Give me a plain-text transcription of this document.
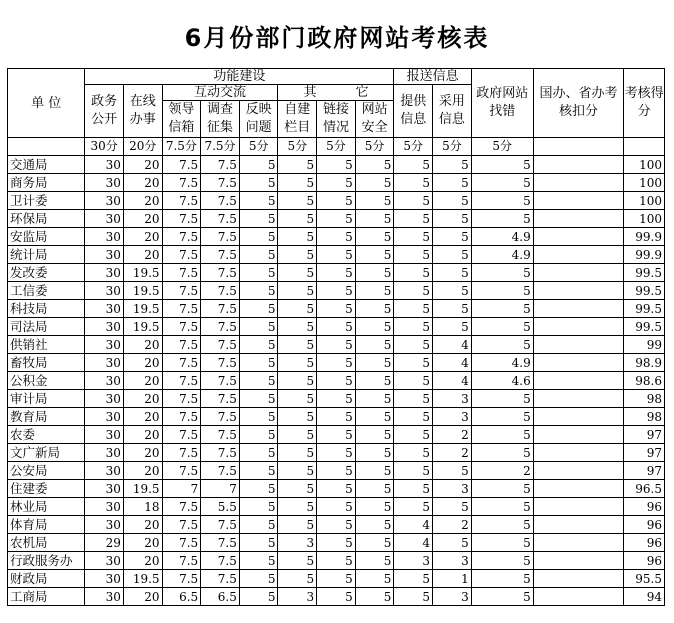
6月份部门政府网站考核表
单 位	功能建设								报送信息		政府网站找错	国办、省办考核扣分	考核得分
	政务公开	在线办事	互动交流			其　　　它			提供信息	采用信息			
			领导信箱	调查征集	反映问题	自建栏目	链接情况	网站安全					
	30分	20分	7.5分	7.5分	5分	5分	5分	5分	5分	5分	5分		
交通局	30	20	7.5	7.5	5	5	5	5	5	5	5		100
商务局	30	20	7.5	7.5	5	5	5	5	5	5	5		100
卫计委	30	20	7.5	7.5	5	5	5	5	5	5	5		100
环保局	30	20	7.5	7.5	5	5	5	5	5	5	5		100
安监局	30	20	7.5	7.5	5	5	5	5	5	5	4.9		99.9
统计局	30	20	7.5	7.5	5	5	5	5	5	5	4.9		99.9
发改委	30	19.5	7.5	7.5	5	5	5	5	5	5	5		99.5
工信委	30	19.5	7.5	7.5	5	5	5	5	5	5	5		99.5
科技局	30	19.5	7.5	7.5	5	5	5	5	5	5	5		99.5
司法局	30	19.5	7.5	7.5	5	5	5	5	5	5	5		99.5
供销社	30	20	7.5	7.5	5	5	5	5	5	4	5		99
畜牧局	30	20	7.5	7.5	5	5	5	5	5	4	4.9		98.9
公积金	30	20	7.5	7.5	5	5	5	5	5	4	4.6		98.6
审计局	30	20	7.5	7.5	5	5	5	5	5	3	5		98
教育局	30	20	7.5	7.5	5	5	5	5	5	3	5		98
农委	30	20	7.5	7.5	5	5	5	5	5	2	5		97
文广新局	30	20	7.5	7.5	5	5	5	5	5	2	5		97
公安局	30	20	7.5	7.5	5	5	5	5	5	5	2		97
住建委	30	19.5	7	7	5	5	5	5	5	3	5		96.5
林业局	30	18	7.5	5.5	5	5	5	5	5	5	5		96
体育局	30	20	7.5	7.5	5	5	5	5	4	2	5		96
农机局	29	20	7.5	7.5	5	3	5	5	4	5	5		96
行政服务办	30	20	7.5	7.5	5	5	5	5	3	3	5		96
财政局	30	19.5	7.5	7.5	5	5	5	5	5	1	5		95.5
工商局	30	20	6.5	6.5	5	3	5	5	5	3	5		94
